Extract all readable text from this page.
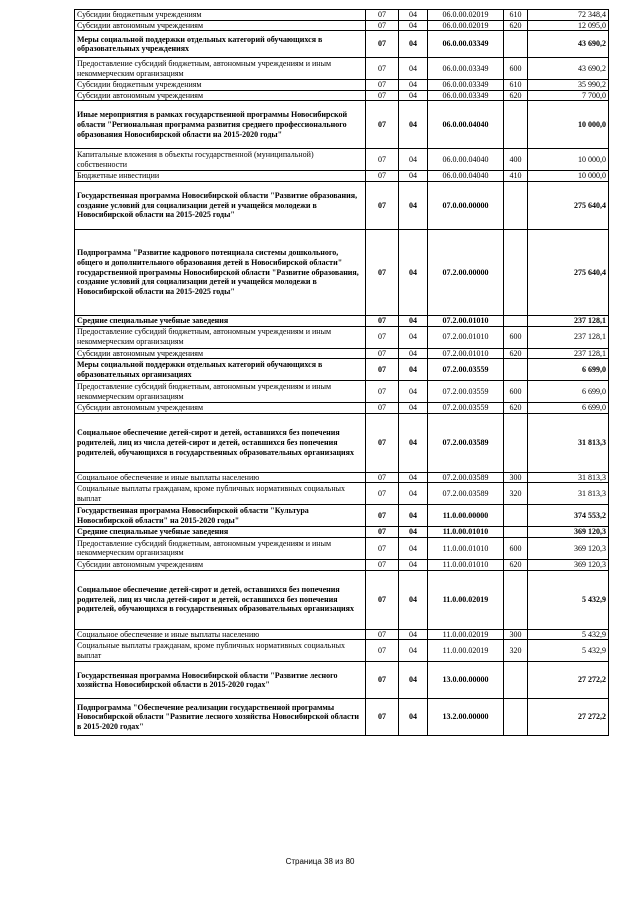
Субсидии бюджетным учреждениям	07	04	06.0.00.02019	610	72 348,4
Субсидии автономным учреждениям	07	04	06.0.00.02019	620	12 095,0
Меры социальной поддержки отдельных категорий обучающихся в образовательных учреждениях	07	04	06.0.00.03349		43 690,2
Предоставление субсидий бюджетным, автономным учреждениям и иным некоммерческим организациям	07	04	06.0.00.03349	600	43 690,2
Субсидии бюджетным учреждениям	07	04	06.0.00.03349	610	35 990,2
Субсидии автономным учреждениям	07	04	06.0.00.03349	620	7 700,0
Иные мероприятия в рамках государственной программы Новосибирской области "Региональная программа развития среднего профессионального образования Новосибирской области на 2015-2020 годы"	07	04	06.0.00.04040		10 000,0
Капитальные вложения в объекты государственной (муниципальной) собственности	07	04	06.0.00.04040	400	10 000,0
Бюджетные инвестиции	07	04	06.0.00.04040	410	10 000,0
Государственная программа Новосибирской области "Развитие образования, создание условий для социализации детей и учащейся молодежи в Новосибирской области на 2015-2025 годы"	07	04	07.0.00.00000		275 640,4
Подпрограмма "Развитие кадрового потенциала системы дошкольного, общего и дополнительного образования детей в Новосибирской области" государственной программы Новосибирской области "Развитие образования, создание условий для социализации детей и учащейся молодежи в Новосибирской области на 2015-2025 годы"	07	04	07.2.00.00000		275 640,4
Средние специальные учебные заведения	07	04	07.2.00.01010		237 128,1
Предоставление субсидий бюджетным, автономным учреждениям и иным некоммерческим организациям	07	04	07.2.00.01010	600	237 128,1
Субсидии автономным учреждениям	07	04	07.2.00.01010	620	237 128,1
Меры социальной поддержки отдельных категорий обучающихся в образовательных организациях	07	04	07.2.00.03559		6 699,0
Предоставление субсидий бюджетным, автономным учреждениям и иным некоммерческим организациям	07	04	07.2.00.03559	600	6 699,0
Субсидии автономным учреждениям	07	04	07.2.00.03559	620	6 699,0
Социальное обеспечение детей-сирот и детей, оставшихся без попечения родителей, лиц из числа детей-сирот и детей, оставшихся без попечения родителей, обучающихся в государственных образовательных организациях	07	04	07.2.00.03589		31 813,3
Социальное обеспечение и иные выплаты населению	07	04	07.2.00.03589	300	31 813,3
Социальные выплаты гражданам, кроме публичных нормативных социальных выплат	07	04	07.2.00.03589	320	31 813,3
Государственная программа Новосибирской области "Культура Новосибирской области" на 2015-2020 годы"	07	04	11.0.00.00000		374 553,2
Средние специальные учебные заведения	07	04	11.0.00.01010		369 120,3
Предоставление субсидий бюджетным, автономным учреждениям и иным некоммерческим организациям	07	04	11.0.00.01010	600	369 120,3
Субсидии автономным учреждениям	07	04	11.0.00.01010	620	369 120,3
Социальное обеспечение детей-сирот и детей, оставшихся без попечения родителей, лиц из числа детей-сирот и детей, оставшихся без попечения родителей, обучающихся в государственных образовательных организациях	07	04	11.0.00.02019		5 432,9
Социальное обеспечение и иные выплаты населению	07	04	11.0.00.02019	300	5 432,9
Социальные выплаты гражданам, кроме публичных нормативных социальных выплат	07	04	11.0.00.02019	320	5 432,9
Государственная программа Новосибирской области "Развитие лесного хозяйства Новосибирской области в 2015-2020 годах"	07	04	13.0.00.00000		27 272,2
Подпрограмма "Обеспечение реализации государственной программы Новосибирской области "Развитие лесного хозяйства Новосибирской области в 2015-2020 годах"	07	04	13.2.00.00000		27 272,2
Страница 38 из 80
